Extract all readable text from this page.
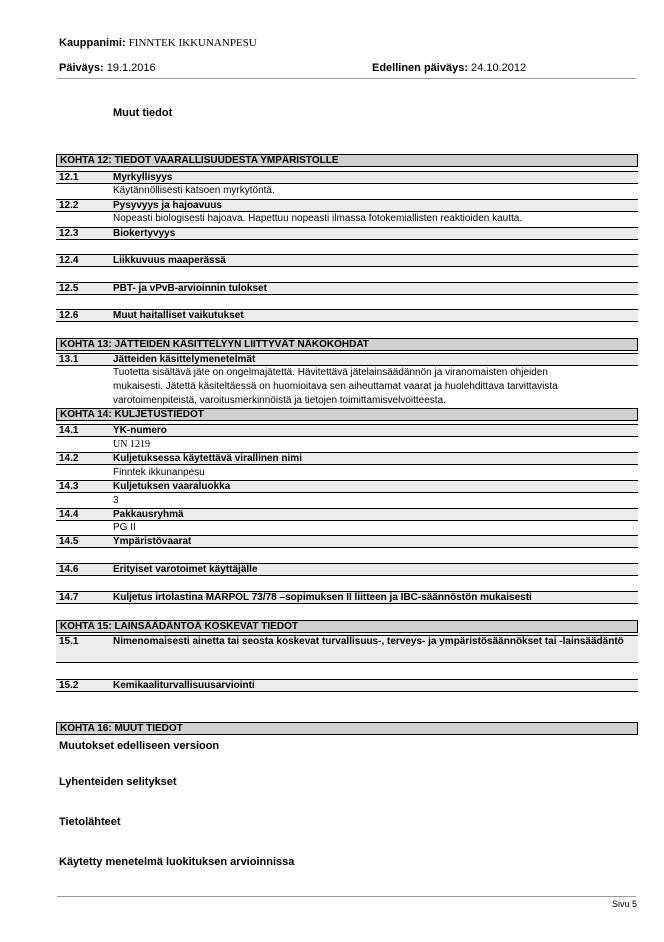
Kauppanimi: FINNTEK IKKUNANPESU
Päiväys: 19.1.2016	Edellinen päiväys: 24.10.2012
Muut tiedot
KOHTA 12: TIEDOT VAARALLISUUDESTA YMPÄRISTÖLLE
12.1	Myrkyllisyys
Käytännöllisesti katsoen myrkytöntä.
12.2	Pysyvyys ja hajoavuus
Nopeasti biologisesti hajoava. Hapettuu nopeasti ilmassa fotokemiallisten reaktioiden kautta.
12.3	Biokertyvyys
12.4	Liikkuvuus maaperässä
12.5	PBT- ja vPvB-arvioinnin tulokset
12.6	Muut haitalliset vaikutukset
KOHTA 13: JÄTTEIDEN KÄSITTELYYN LIITTYVÄT NÄKÖKOHDAT
13.1	Jätteiden käsittelymenetelmät
Tuotetta sisältävä jäte on ongelmajätettä. Hävitettävä jätelainsäädännön ja viranomaisten ohjeiden
mukaisesti. Jätettä käsiteltäessä on huomioitava sen aiheuttamat vaarat ja huolehdittava tarvittavista
varotoimenpiteistä, varoitusmerkinnöistä ja tietojen toimittamisvelvoitteesta.
KOHTA 14: KULJETUSTIEDOT
14.1	YK-numero
UN 1219
14.2	Kuljetuksessa käytettävä virallinen nimi
Finntek ikkunanpesu
14.3	Kuljetuksen vaaraluokka
3
14.4	Pakkausryhmä
PG II
14.5	Ympäristövaarat
14.6	Erityiset varotoimet käyttäjälle
14.7	Kuljetus irtolastina MARPOL 73/78 –sopimuksen II liitteen ja IBC-säännöstön mukaisesti
KOHTA 15: LAINSÄÄDÄNTÖÄ KOSKEVAT TIEDOT
15.1	Nimenomaisesti ainetta tai seosta koskevat turvallisuus-, terveys- ja ympäristösäännökset tai -lainsäädäntö
15.2	Kemikaaliturvallisuusarviointi
KOHTA 16: MUUT TIEDOT
Muutokset edelliseen versioon
Lyhenteiden selitykset
Tietolähteet
Käytetty menetelmä luokituksen arvioinnissa
Sivu 5
